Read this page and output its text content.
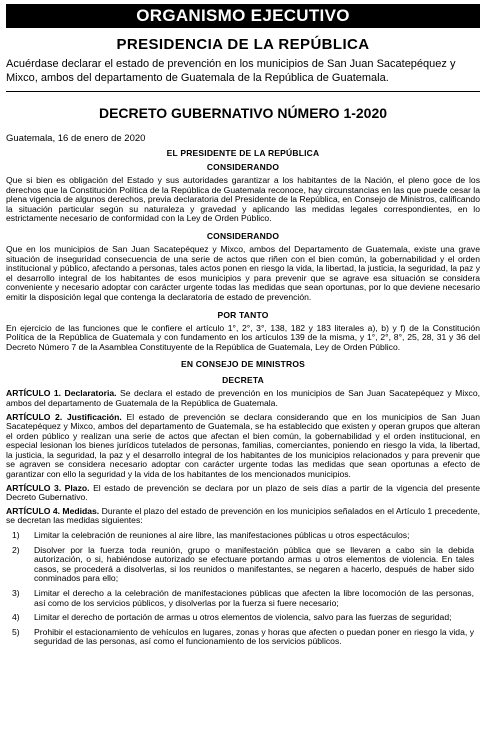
ORGANISMO EJECUTIVO
PRESIDENCIA DE LA REPÚBLICA
Acuérdase declarar el estado de prevención en los municipios de San Juan Sacatepéquez y Mixco, ambos del departamento de Guatemala de la República de Guatemala.
DECRETO GUBERNATIVO NÚMERO 1-2020
Guatemala, 16 de enero de 2020
EL PRESIDENTE DE LA REPÚBLICA
CONSIDERANDO

Que si bien es obligación del Estado y sus autoridades garantizar a los habitantes de la Nación, el pleno goce de los derechos que la Constitución Política de la República de Guatemala reconoce, hay circunstancias en las que puede cesar la plena vigencia de algunos derechos, previa declaratoria del Presidente de la República, en Consejo de Ministros, calificando la situación particular según su naturaleza y gravedad y aplicando las medidas legales correspondientes, en lo estrictamente necesario de conformidad con la Ley de Orden Público.

CONSIDERANDO

Que en los municipios de San Juan Sacatepéquez y Mixco, ambos del Departamento de Guatemala, existe una grave situación de inseguridad consecuencia de una serie de actos que riñen con el bien común, la gobernabilidad y el orden institucional y público, afectando a personas, tales actos ponen en riesgo la vida, la libertad, la justicia, la seguridad, la paz y el desarrollo integral de los habitantes de esos municipios y para prevenir que se agrave esa situación se considera conveniente y necesario adoptar con carácter urgente todas las medidas que sean oportunas, por lo que deviene necesario emitir la disposición legal que contenga la declaratoria de estado de prevención.

POR TANTO

En ejercicio de las funciones que le confiere el artículo 1°, 2°, 3°, 138, 182 y 183 literales a), b) y f) de la Constitución Política de la República de Guatemala y con fundamento en los artículos 139 de la misma, y 1°, 2°, 8°, 25, 28, 31 y 36 del Decreto Número 7 de la Asamblea Constituyente de la República de Guatemala, Ley de Orden Público.

EN CONSEJO DE MINISTROS
DECRETA

ARTÍCULO 1. Declaratoria. Se declara el estado de prevención en los municipios de San Juan Sacatepéquez y Mixco, ambos del departamento de Guatemala de la República de Guatemala.

ARTÍCULO 2. Justificación. El estado de prevención se declara considerando que en los municipios de San Juan Sacatepéquez y Mixco, ambos del departamento de Guatemala, se ha establecido que existen y operan grupos que alteran el orden público y realizan una serie de actos que afectan el bien común, la gobernabilidad y el orden institucional, en especial lesionan los bienes jurídicos tutelados de personas, familias, comerciantes, poniendo en riesgo la vida, la libertad, la justicia, la seguridad, la paz y el desarrollo integral de los habitantes de los municipios relacionados y para prevenir que se agraven se considera necesario adoptar con carácter urgente todas las medidas que sean oportunas a efecto de garantizar con ello la seguridad y la vida de los habitantes de los mencionados municipios.

ARTÍCULO 3. Plazo. El estado de prevención se declara por un plazo de seis días a partir de la vigencia del presente Decreto Gubernativo.

ARTÍCULO 4. Medidas. Durante el plazo del estado de prevención en los municipios señalados en el Artículo 1 precedente, se decretan las medidas siguientes:

1)	Limitar la celebración de reuniones al aire libre, las manifestaciones públicas u otros espectáculos;
2)	Disolver por la fuerza toda reunión, grupo o manifestación pública que se llevaren a cabo sin la debida autorización, o si, habiéndose autorizado se efectuare portando armas u otros elementos de violencia. En tales casos, se procederá a disolverlas, si los reunidos o manifestantes, se negaren a hacerlo, después de haber sido conminados para ello;
3)	Limitar el derecho a la celebración de manifestaciones públicas que afecten la libre locomoción de las personas, así como de los servicios públicos, y disolverlas por la fuerza si fuere necesario;
4)	Limitar el derecho de portación de armas u otros elementos de violencia, salvo para las fuerzas de seguridad;
5)	Prohibir el estacionamiento de vehículos en lugares, zonas y horas que afecten o puedan poner en riesgo la vida, y seguridad de las personas, así como el funcionamiento de los servicios públicos.
